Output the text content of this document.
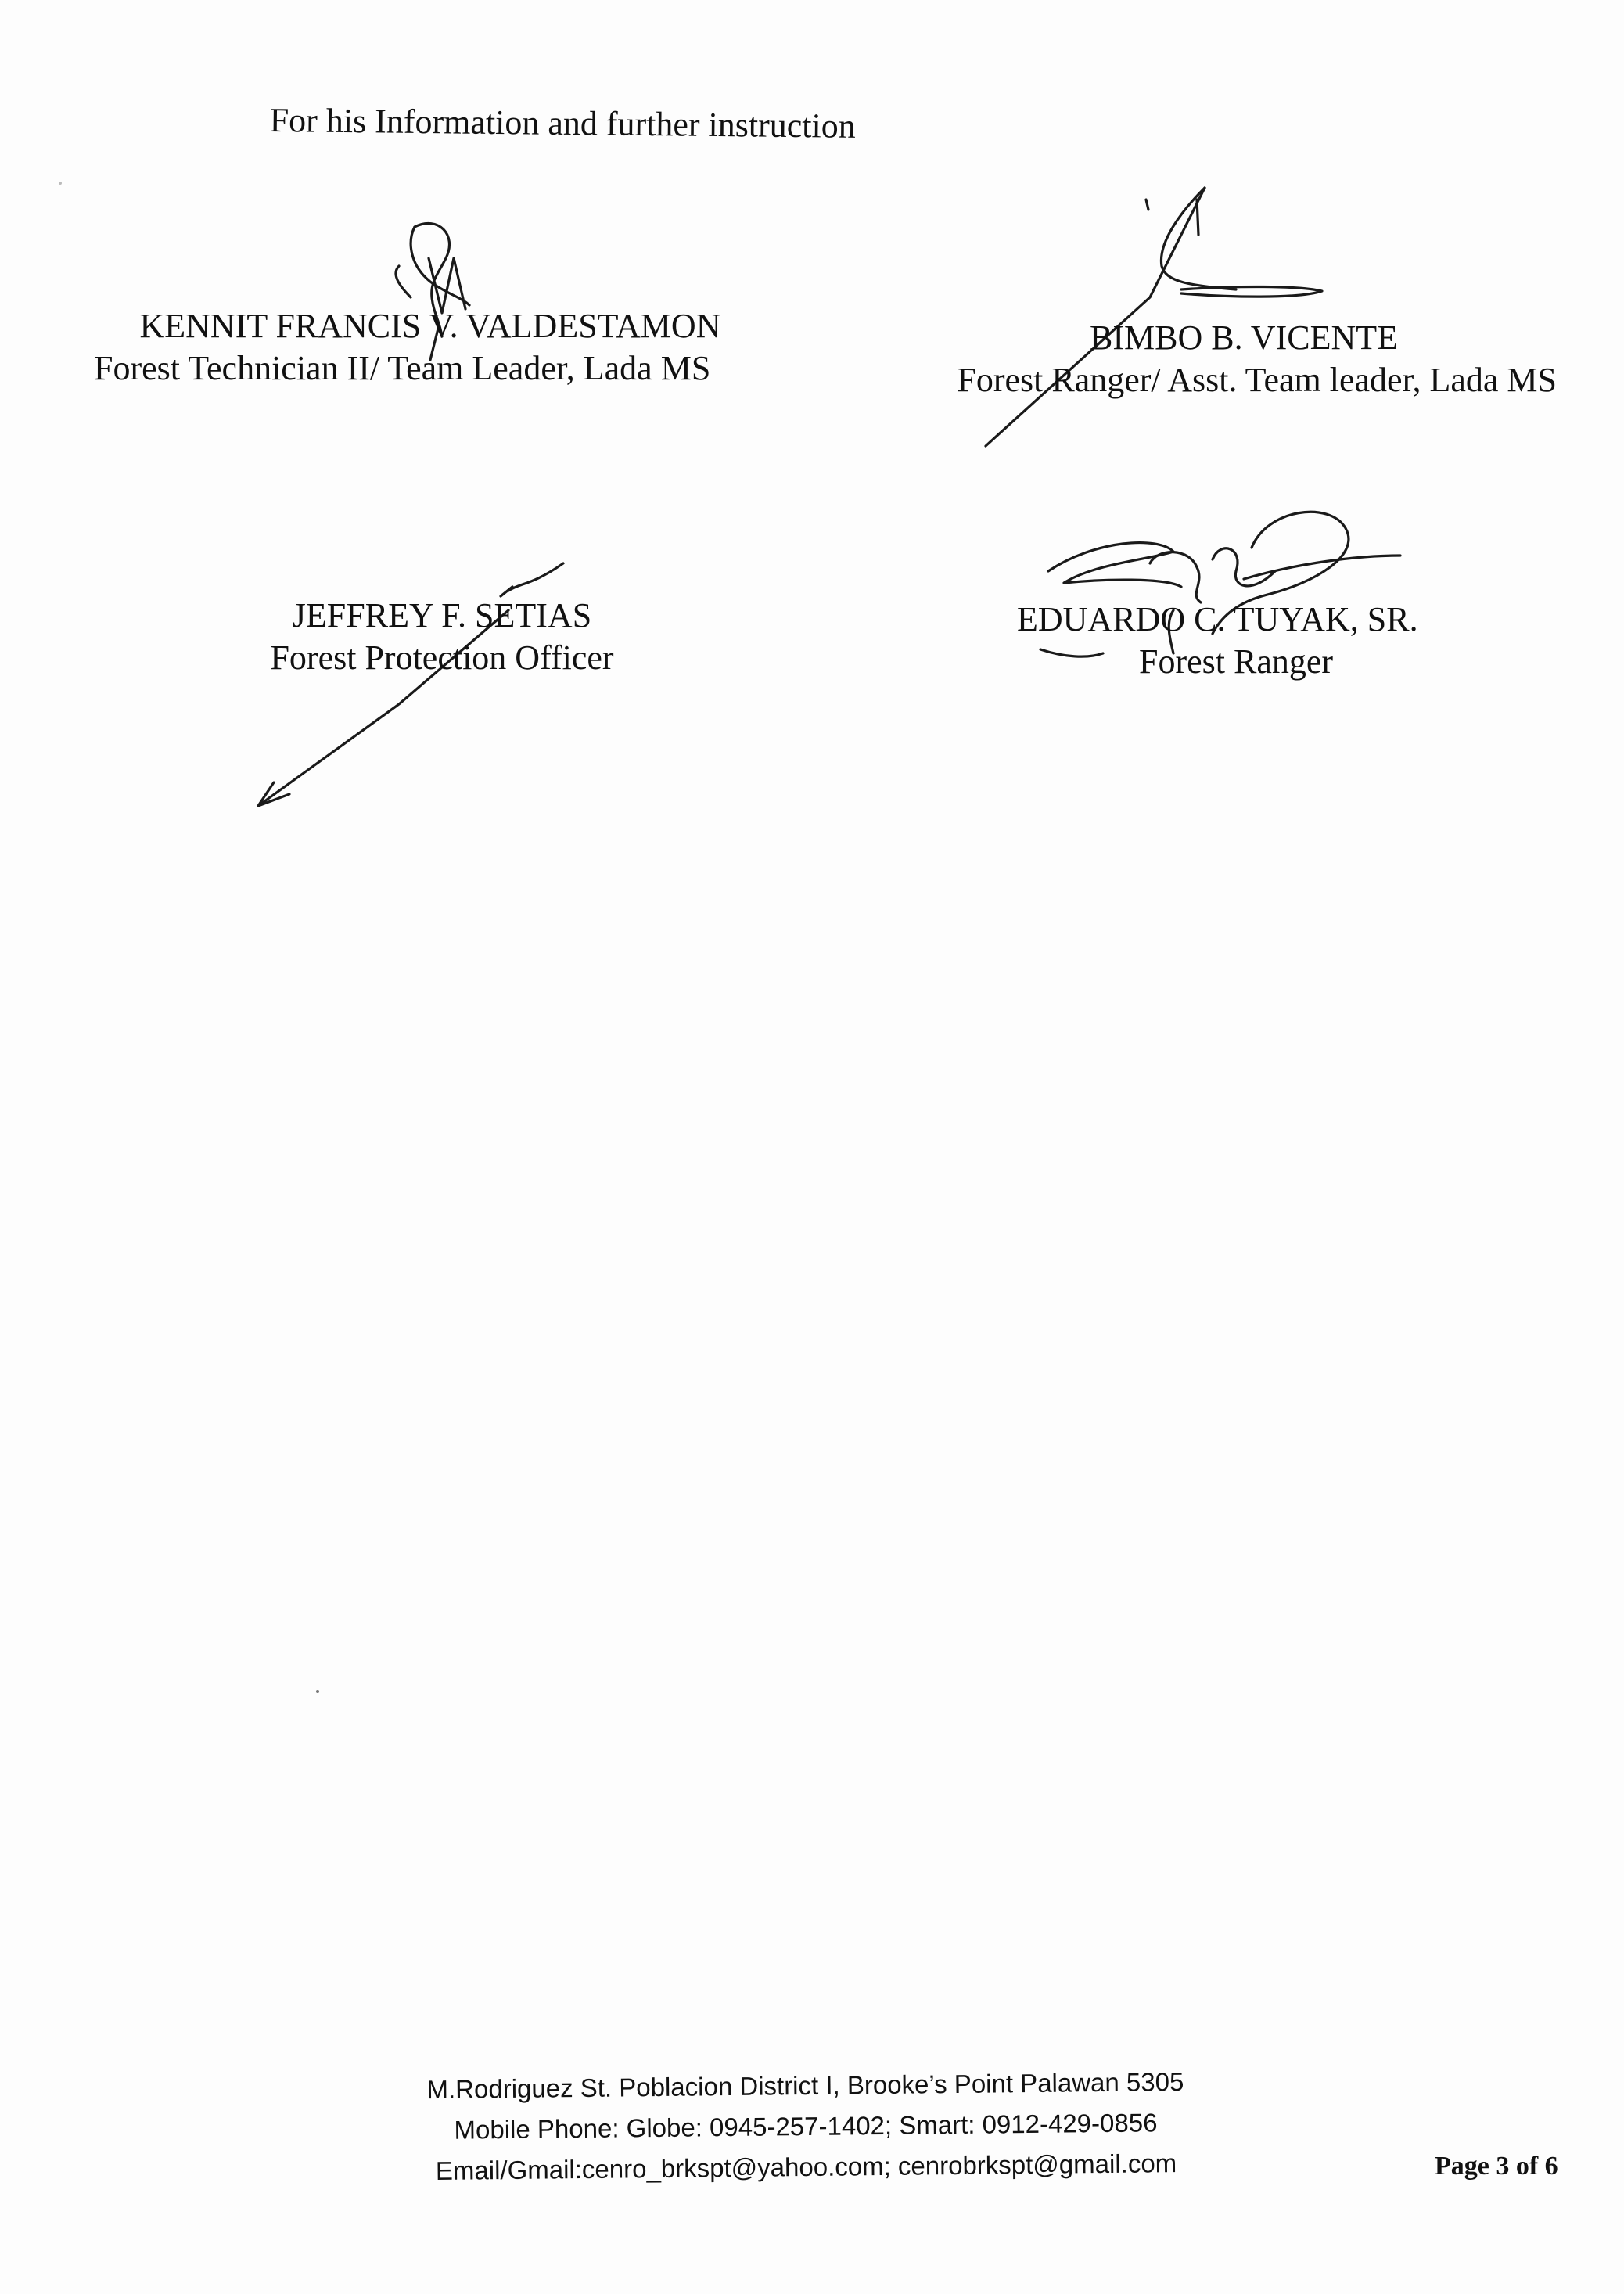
For his Information and further instruction
KENNIT FRANCIS V. VALDESTAMON
Forest Technician II/ Team Leader, Lada MS
BIMBO B. VICENTE
Forest Ranger/ Asst. Team leader, Lada MS
JEFFREY F. SETIAS
Forest Protection Officer
EDUARDO C. TUYAK, SR.
Forest Ranger
M.Rodriguez St. Poblacion District I, Brooke’s Point Palawan 5305
Mobile Phone: Globe: 0945-257-1402; Smart: 0912-429-0856
Email/Gmail:cenro_brkspt@yahoo.com; cenrobrkspt@gmail.com	Page 3 of 6
